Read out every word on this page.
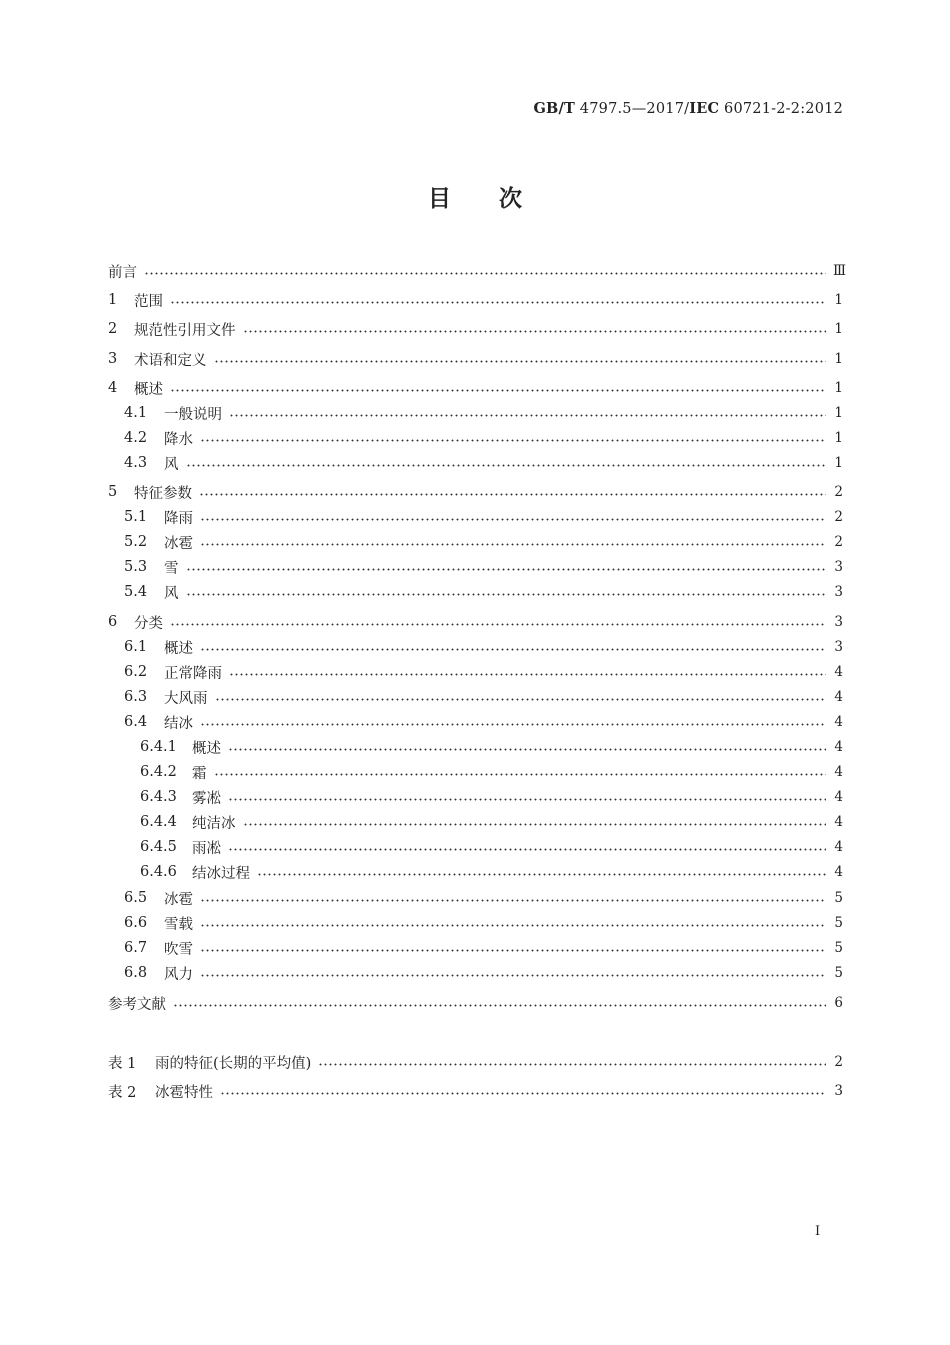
GB/T 4797.5—2017/IEC 60721-2-2:2012
目次
前言	Ⅲ
1	范围	1
2	规范性引用文件	1
3	术语和定义	1
4	概述	1
4.1	一般说明	1
4.2	降水	1
4.3	风	1
5	特征参数	2
5.1	降雨	2
5.2	冰雹	2
5.3	雪	3
5.4	风	3
6	分类	3
6.1	概述	3
6.2	正常降雨	4
6.3	大风雨	4
6.4	结冰	4
6.4.1	概述	4
6.4.2	霜	4
6.4.3	雾凇	4
6.4.4	纯洁冰	4
6.4.5	雨凇	4
6.4.6	结冰过程	4
6.5	冰雹	5
6.6	雪载	5
6.7	吹雪	5
6.8	风力	5
参考文献	6
表 1	雨的特征(长期的平均值)	2
表 2	冰雹特性	3
I
